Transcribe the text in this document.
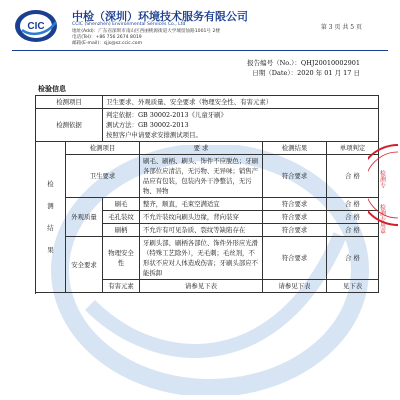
CIC
中检（深圳）环境技术服务有限公司
CCIC (Shenzhen) Environmental Services Co., Ltd
地址(Add)：广东省深圳市南山区西丽桃源街道大学城留仙路1001号 2楼
电话(Tel)：+86 756 2674 8019
邮箱(E-mail)：sjjs@sz.ccic.com
第 3 页 共 5 页
报告编号（No.）：QHJ20010002901
日期（Date）：2020 年 01 月 17 日
检验信息
检测项目		卫生要求、外观质量、安全要求（物理安全性、有害元素）			
检测依据		判定依据：GB 30002-2013《儿童牙刷》
测试方法：GB 30002-2013
按照客户申请要求安排测试项目。			

检
测
结
果	检测项目		要 求	检测结果	单项判定
	卫生要求		刷毛、刷柄、刷头、饰件不应脱色；牙刷各部位应清洁，无污物、无异味；销售产品应有包装，包装内外干净整洁，无污物、异物	符合要求	合 格
	外观质量	刷毛	整齐，顺直，毛束空满适宜	符合要求	合 格
		毛孔装纹	不允许装纹向刷头边缘，背向装穿	符合要求	合 格
		刷柄	不允许有可见杂质、裂纹等缺陷存在	符合要求	合 格
	安全要求	物理安全性	牙刷头部、刷柄各部位、饰件外形应光滑（特殊工艺除外），无毛刺；毛丝剂，不形状不应对人体造成伤害；牙刷头部应不能拆卸	符合要求	合 格
		有害元素	请参见下表	请参见下表	见下表

检测专
检测专用章
